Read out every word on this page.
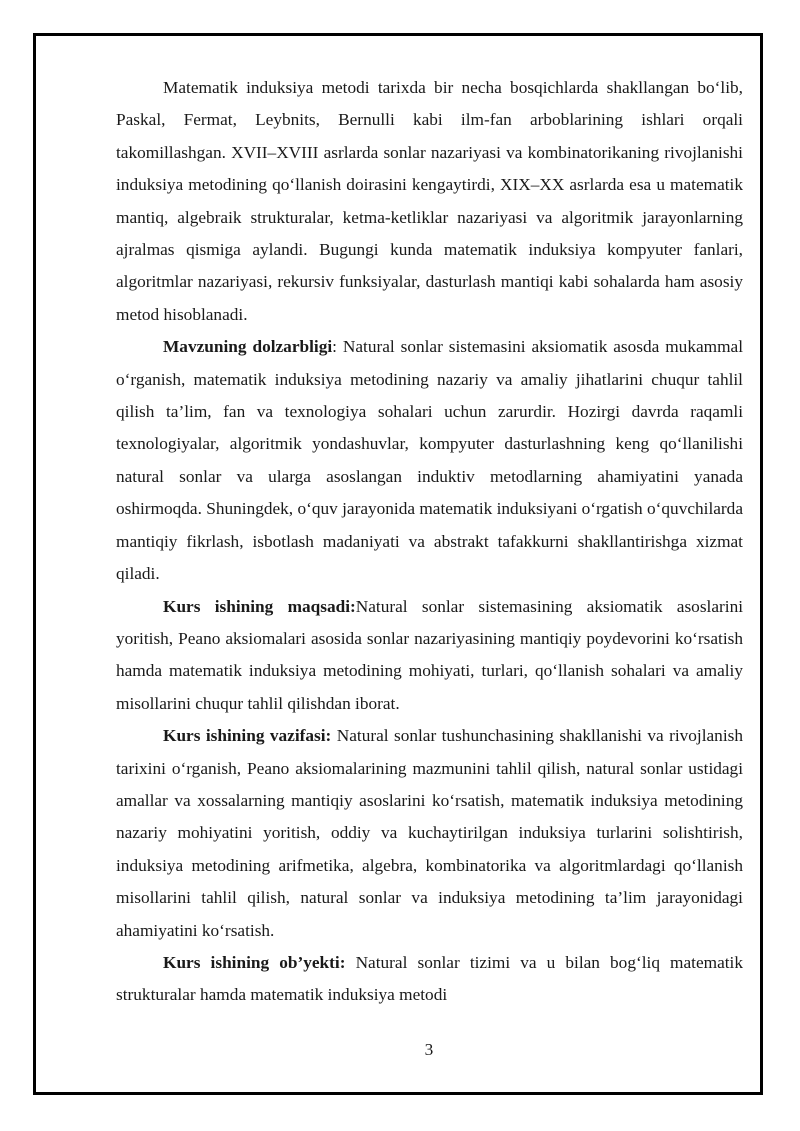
Matematik induksiya metodi tarixda bir necha bosqichlarda shakllangan bo‘lib, Paskal, Fermat, Leybnits, Bernulli kabi ilm-fan arboblarining ishlari orqali takomillashgan. XVII–XVIII asrlarda sonlar nazariyasi va kombinatorikaning rivojlanishi induksiya metodining qo‘llanish doirasini kengaytirdi, XIX–XX asrlarda esa u matematik mantiq, algebraik strukturalar, ketma-ketliklar nazariyasi va algoritmik jarayonlarning ajralmas qismiga aylandi. Bugungi kunda matematik induksiya kompyuter fanlari, algoritmlar nazariyasi, rekursiv funksiyalar, dasturlash mantiqi kabi sohalarda ham asosiy metod hisoblanadi.

Mavzuning dolzarbligi: Natural sonlar sistemasini aksiomatik asosda mukammal o‘rganish, matematik induksiya metodining nazariy va amaliy jihatlarini chuqur tahlil qilish ta’lim, fan va texnologiya sohalari uchun zarurdir. Hozirgi davrda raqamli texnologiyalar, algoritmik yondashuvlar, kompyuter dasturlashning keng qo‘llanilishi natural sonlar va ularga asoslangan induktiv metodlarning ahamiyatini yanada oshirmoqda. Shuningdek, o‘quv jarayonida matematik induksiyani o‘rgatish o‘quvchilarda mantiqiy fikrlash, isbotlash madaniyati va abstrakt tafakkurni shakllantirishga xizmat qiladi.

Kurs ishining maqsadi:Natural sonlar sistemasining aksiomatik asoslarini yoritish, Peano aksiomalari asosida sonlar nazariyasining mantiqiy poydevorini ko‘rsatish hamda matematik induksiya metodining mohiyati, turlari, qo‘llanish sohalari va amaliy misollarini chuqur tahlil qilishdan iborat.

Kurs ishining vazifasi: Natural sonlar tushunchasining shakllanishi va rivojlanish tarixini o‘rganish, Peano aksiomalarining mazmunini tahlil qilish, natural sonlar ustidagi amallar va xossalarning mantiqiy asoslarini ko‘rsatish, matematik induksiya metodining nazariy mohiyatini yoritish, oddiy va kuchaytirilgan induksiya turlarini solishtirish, induksiya metodining arifmetika, algebra, kombinatorika va algoritmlardagi qo‘llanish misollarini tahlil qilish, natural sonlar va induksiya metodining ta’lim jarayonidagi ahamiyatini ko‘rsatish.

Kurs ishining ob’yekti: Natural sonlar tizimi va u bilan bog‘liq matematik strukturalar hamda matematik induksiya metodi

3
